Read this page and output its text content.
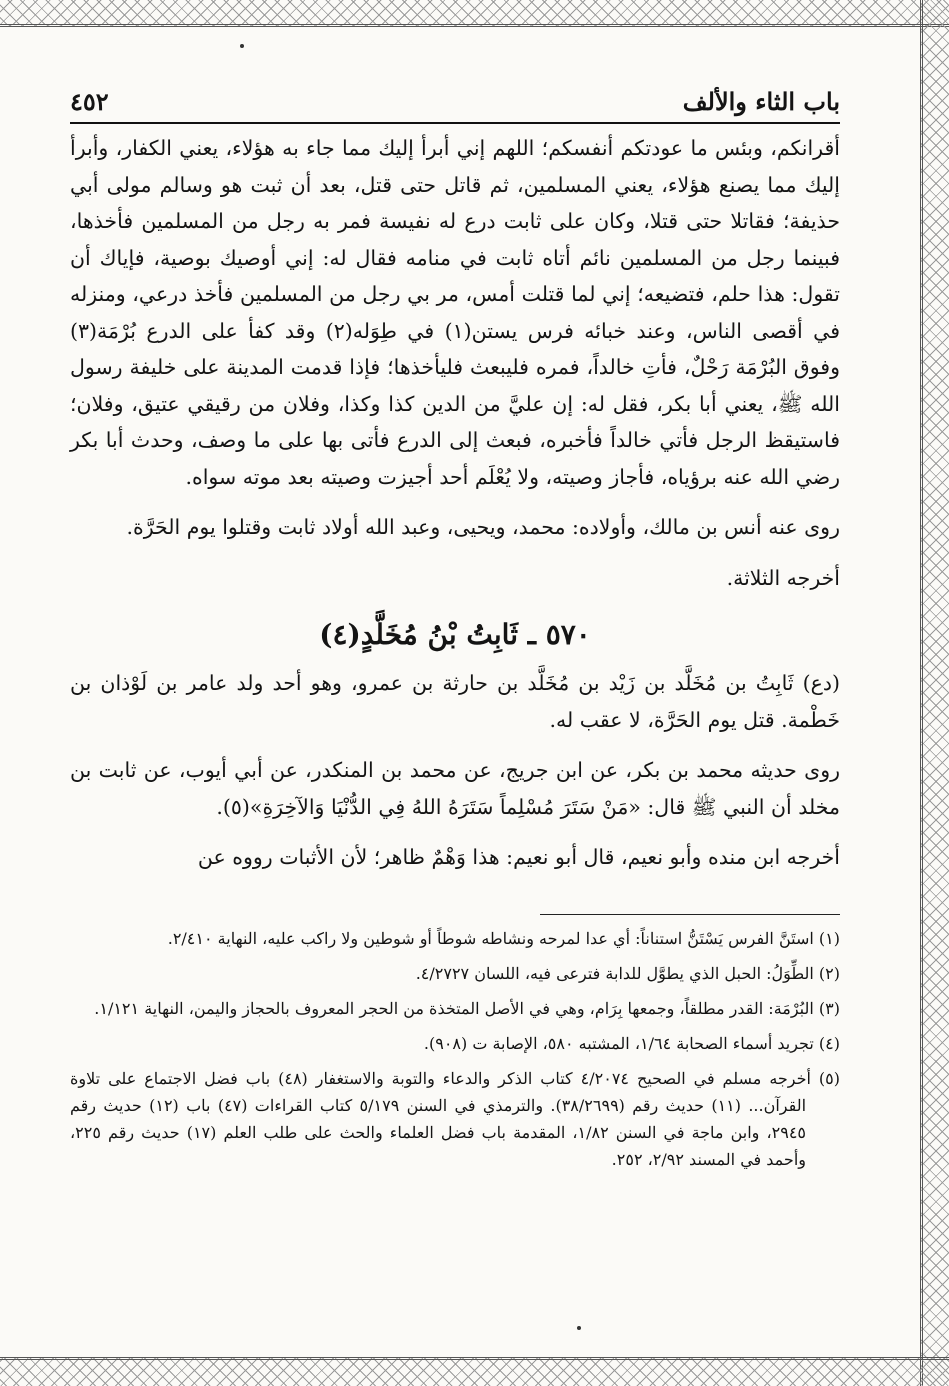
باب الثاء والألف
٤٥٢

أقرانكم، وبئس ما عودتكم أنفسكم؛ اللهم إني أبرأ إليك مما جاء به هؤلاء، يعني الكفار، وأبرأ إليك مما يصنع هؤلاء، يعني المسلمين، ثم قاتل حتى قتل، بعد أن ثبت هو وسالم مولى أبي حذيفة؛ فقاتلا حتى قتلا، وكان على ثابت درع له نفيسة فمر به رجل من المسلمين فأخذها، فبينما رجل من المسلمين نائم أتاه ثابت في منامه فقال له: إني أوصيك بوصية، فإياك أن تقول: هذا حلم، فتضيعه؛ إني لما قتلت أمس، مر بي رجل من المسلمين فأخذ درعي، ومنزله في أقصى الناس، وعند خبائه فرس يستن(١) في طِوَله(٢) وقد كفأ على الدرع بُرْمَة(٣) وفوق البُرْمَة رَحْلٌ، فأتِ خالداً، فمره فليبعث فليأخذها؛ فإذا قدمت المدينة على خليفة رسول الله ﷺ، يعني أبا بكر، فقل له: إن عليَّ من الدين كذا وكذا، وفلان من رقيقي عتيق، وفلان؛ فاستيقظ الرجل فأتي خالداً فأخبره، فبعث إلى الدرع فأتى بها على ما وصف، وحدث أبا بكر رضي الله عنه برؤياه، فأجاز وصيته، ولا يُعْلَم أحد أجيزت وصيته بعد موته سواه.

روى عنه أنس بن مالك، وأولاده: محمد، ويحيى، وعبد الله أولاد ثابت وقتلوا يوم الحَرَّة.

أخرجه الثلاثة.

٥٧٠ ـ ثَابِتُ بْنُ مُخَلَّدٍ(٤)

(دع) ثَابِتُ بن مُخَلَّد بن زَيْد بن مُخَلَّد بن حارثة بن عمرو، وهو أحد ولد عامر بن لَوْذان بن خَطْمة. قتل يوم الحَرَّة، لا عقب له.

روى حديثه محمد بن بكر، عن ابن جريج، عن محمد بن المنكدر، عن أبي أيوب، عن ثابت بن مخلد أن النبي ﷺ قال: «مَنْ سَتَرَ مُسْلِماً سَتَرَهُ اللهُ فِي الدُّنْيَا وَالآخِرَةِ»(٥).

أخرجه ابن منده وأبو نعيم، قال أبو نعيم: هذا وَهْمٌ ظاهر؛ لأن الأثبات رووه عن

(١) استَنَّ الفرس يَسْتَنُّ استناناً: أي عدا لمرحه ونشاطه شوطاً أو شوطين ولا راكب عليه، النهاية ٢/٤١٠.

(٢) الطِّوَلُ: الحبل الذي يطوَّل للدابة فترعى فيه، اللسان ٤/٢٧٢٧.

(٣) البُرْمَة: القدر مطلقاً، وجمعها بِرَام، وهي في الأصل المتخذة من الحجر المعروف بالحجاز واليمن، النهاية ١/١٢١.

(٤) تجريد أسماء الصحابة ١/٦٤، المشتبه ٥٨٠، الإصابة ت (٩٠٨).

(٥) أخرجه مسلم في الصحيح ٤/٢٠٧٤ كتاب الذكر والدعاء والتوبة والاستغفار (٤٨) باب فضل الاجتماع على تلاوة القرآن... (١١) حديث رقم (٣٨/٢٦٩٩). والترمذي في السنن ٥/١٧٩ كتاب القراءات (٤٧) باب (١٢) حديث رقم ٢٩٤٥، وابن ماجة في السنن ١/٨٢، المقدمة باب فضل العلماء والحث على طلب العلم (١٧) حديث رقم ٢٢٥، وأحمد في المسند ٢/٩٢، ٢٥٢.
